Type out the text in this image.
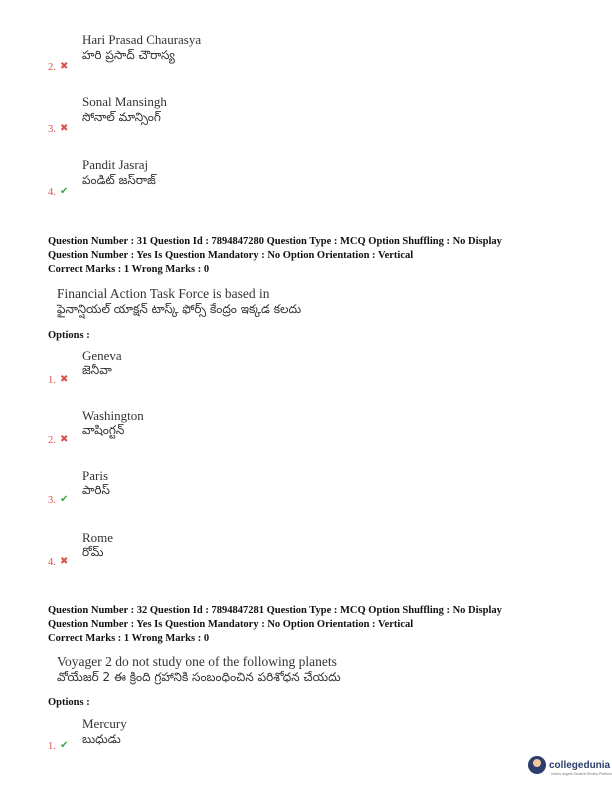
Hari Prasad Chaurasya
హరి ప్రసాద్ చౌరాస్య
2. ✖
Sonal Mansingh
సోనాల్ మాన్సింగ్
3. ✖
Pandit Jasraj
పండిట్ జస్‌రాజ్
4. ✔
Question Number : 31 Question Id : 7894847280 Question Type : MCQ Option Shuffling : No Display
Question Number : Yes Is Question Mandatory : No Option Orientation : Vertical
Correct Marks : 1 Wrong Marks : 0
Financial Action Task Force is based in
ఫైనాన్షియల్ యాక్షన్ టాస్క్ ఫోర్స్ కేంద్రం ఇక్కడ కలదు
Options :
Geneva
జెనీవా
1. ✖
Washington
వాషింగ్టన్
2. ✖
Paris
పారిస్
3. ✔
Rome
రోమ్
4. ✖
Question Number : 32 Question Id : 7894847281 Question Type : MCQ Option Shuffling : No Display
Question Number : Yes Is Question Mandatory : No Option Orientation : Vertical
Correct Marks : 1 Wrong Marks : 0
Voyager 2 do not study one of the following planets
వోయేజర్ 2 ఈ క్రింది గ్రహానికి సంబంధించిన పరిశోధన చేయదు
Options :
Mercury
బుధుడు
1. ✔
collegedunia
India's largest Student Review Platform
